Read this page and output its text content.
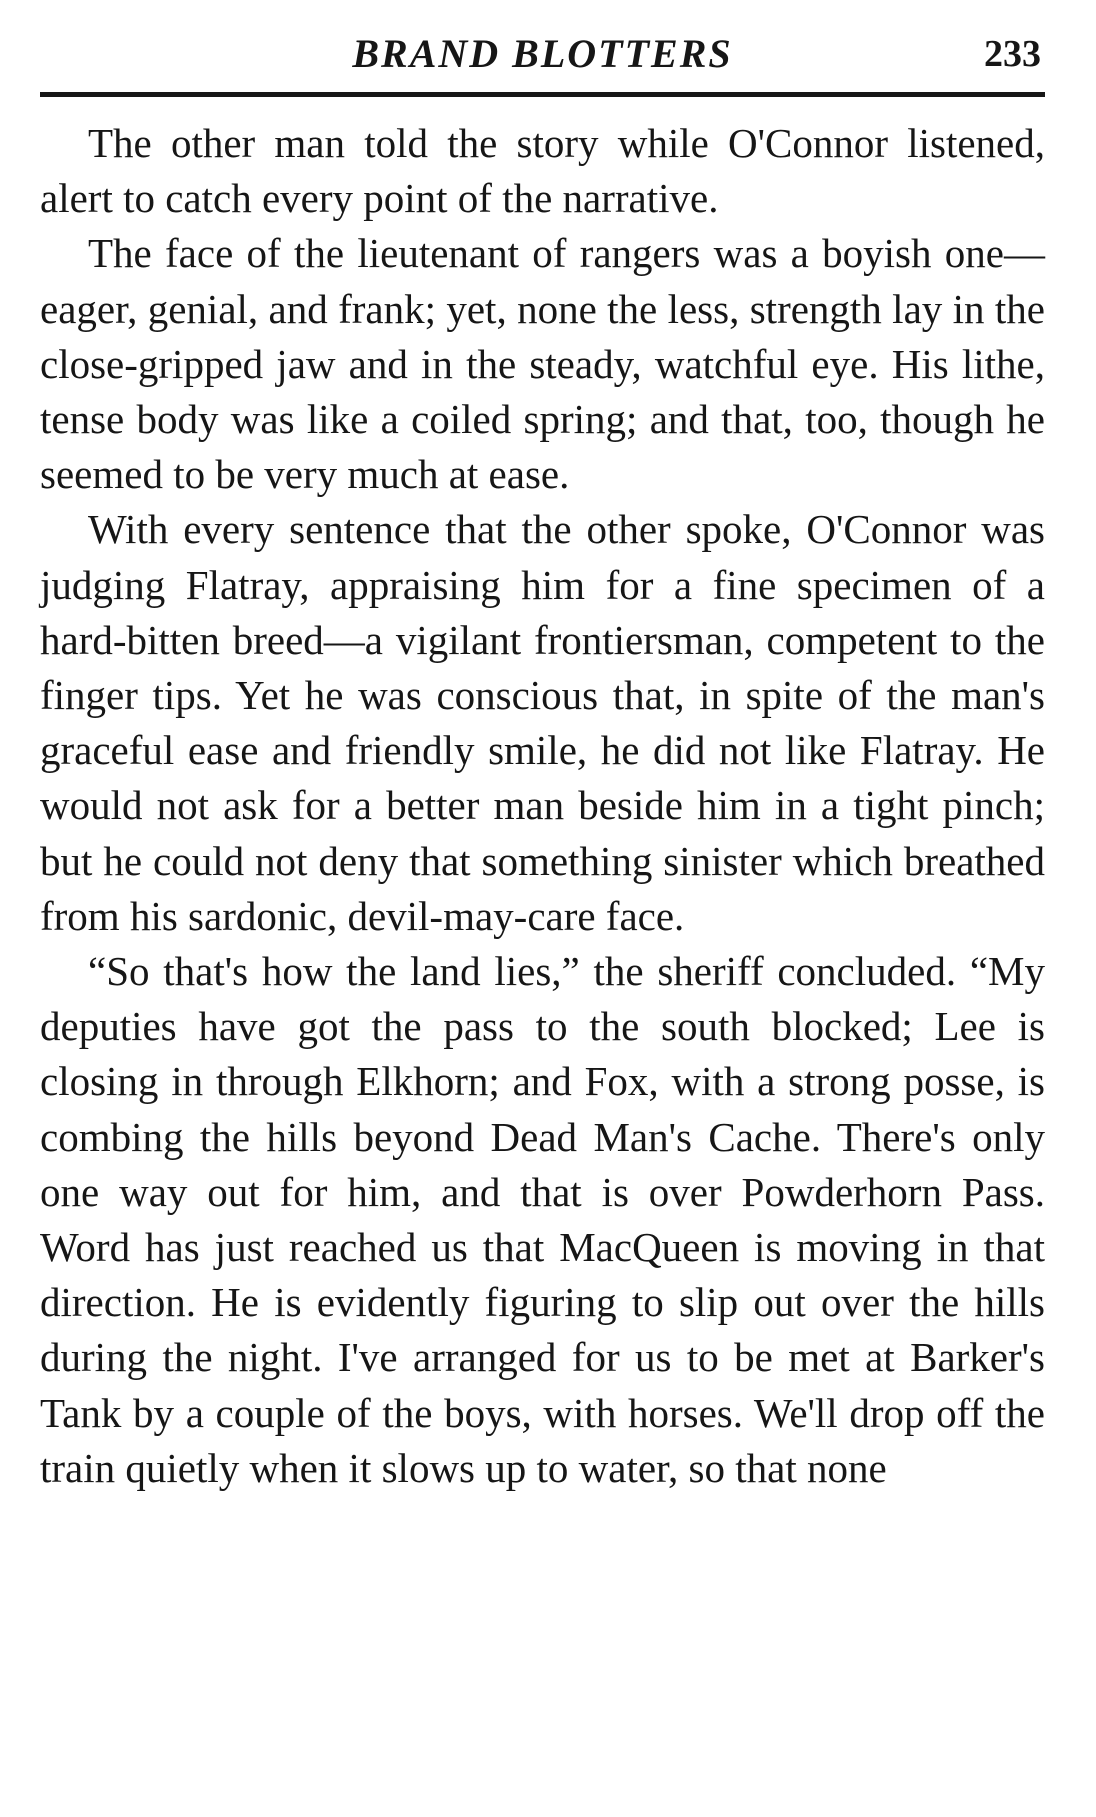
BRAND BLOTTERS	233

The other man told the story while O'Connor listened, alert to catch every point of the narrative.

The face of the lieutenant of rangers was a boyish one—eager, genial, and frank; yet, none the less, strength lay in the close-gripped jaw and in the steady, watchful eye. His lithe, tense body was like a coiled spring; and that, too, though he seemed to be very much at ease.

With every sentence that the other spoke, O'Connor was judging Flatray, appraising him for a fine specimen of a hard-bitten breed—a vigilant frontiersman, competent to the finger tips. Yet he was conscious that, in spite of the man's graceful ease and friendly smile, he did not like Flatray. He would not ask for a better man beside him in a tight pinch; but he could not deny that something sinister which breathed from his sardonic, devil-may-care face.

“So that's how the land lies,” the sheriff concluded. “My deputies have got the pass to the south blocked; Lee is closing in through Elkhorn; and Fox, with a strong posse, is combing the hills beyond Dead Man's Cache. There's only one way out for him, and that is over Powderhorn Pass. Word has just reached us that MacQueen is moving in that direction. He is evidently figuring to slip out over the hills during the night. I've arranged for us to be met at Barker's Tank by a couple of the boys, with horses. We'll drop off the train quietly when it slows up to water, so that none
